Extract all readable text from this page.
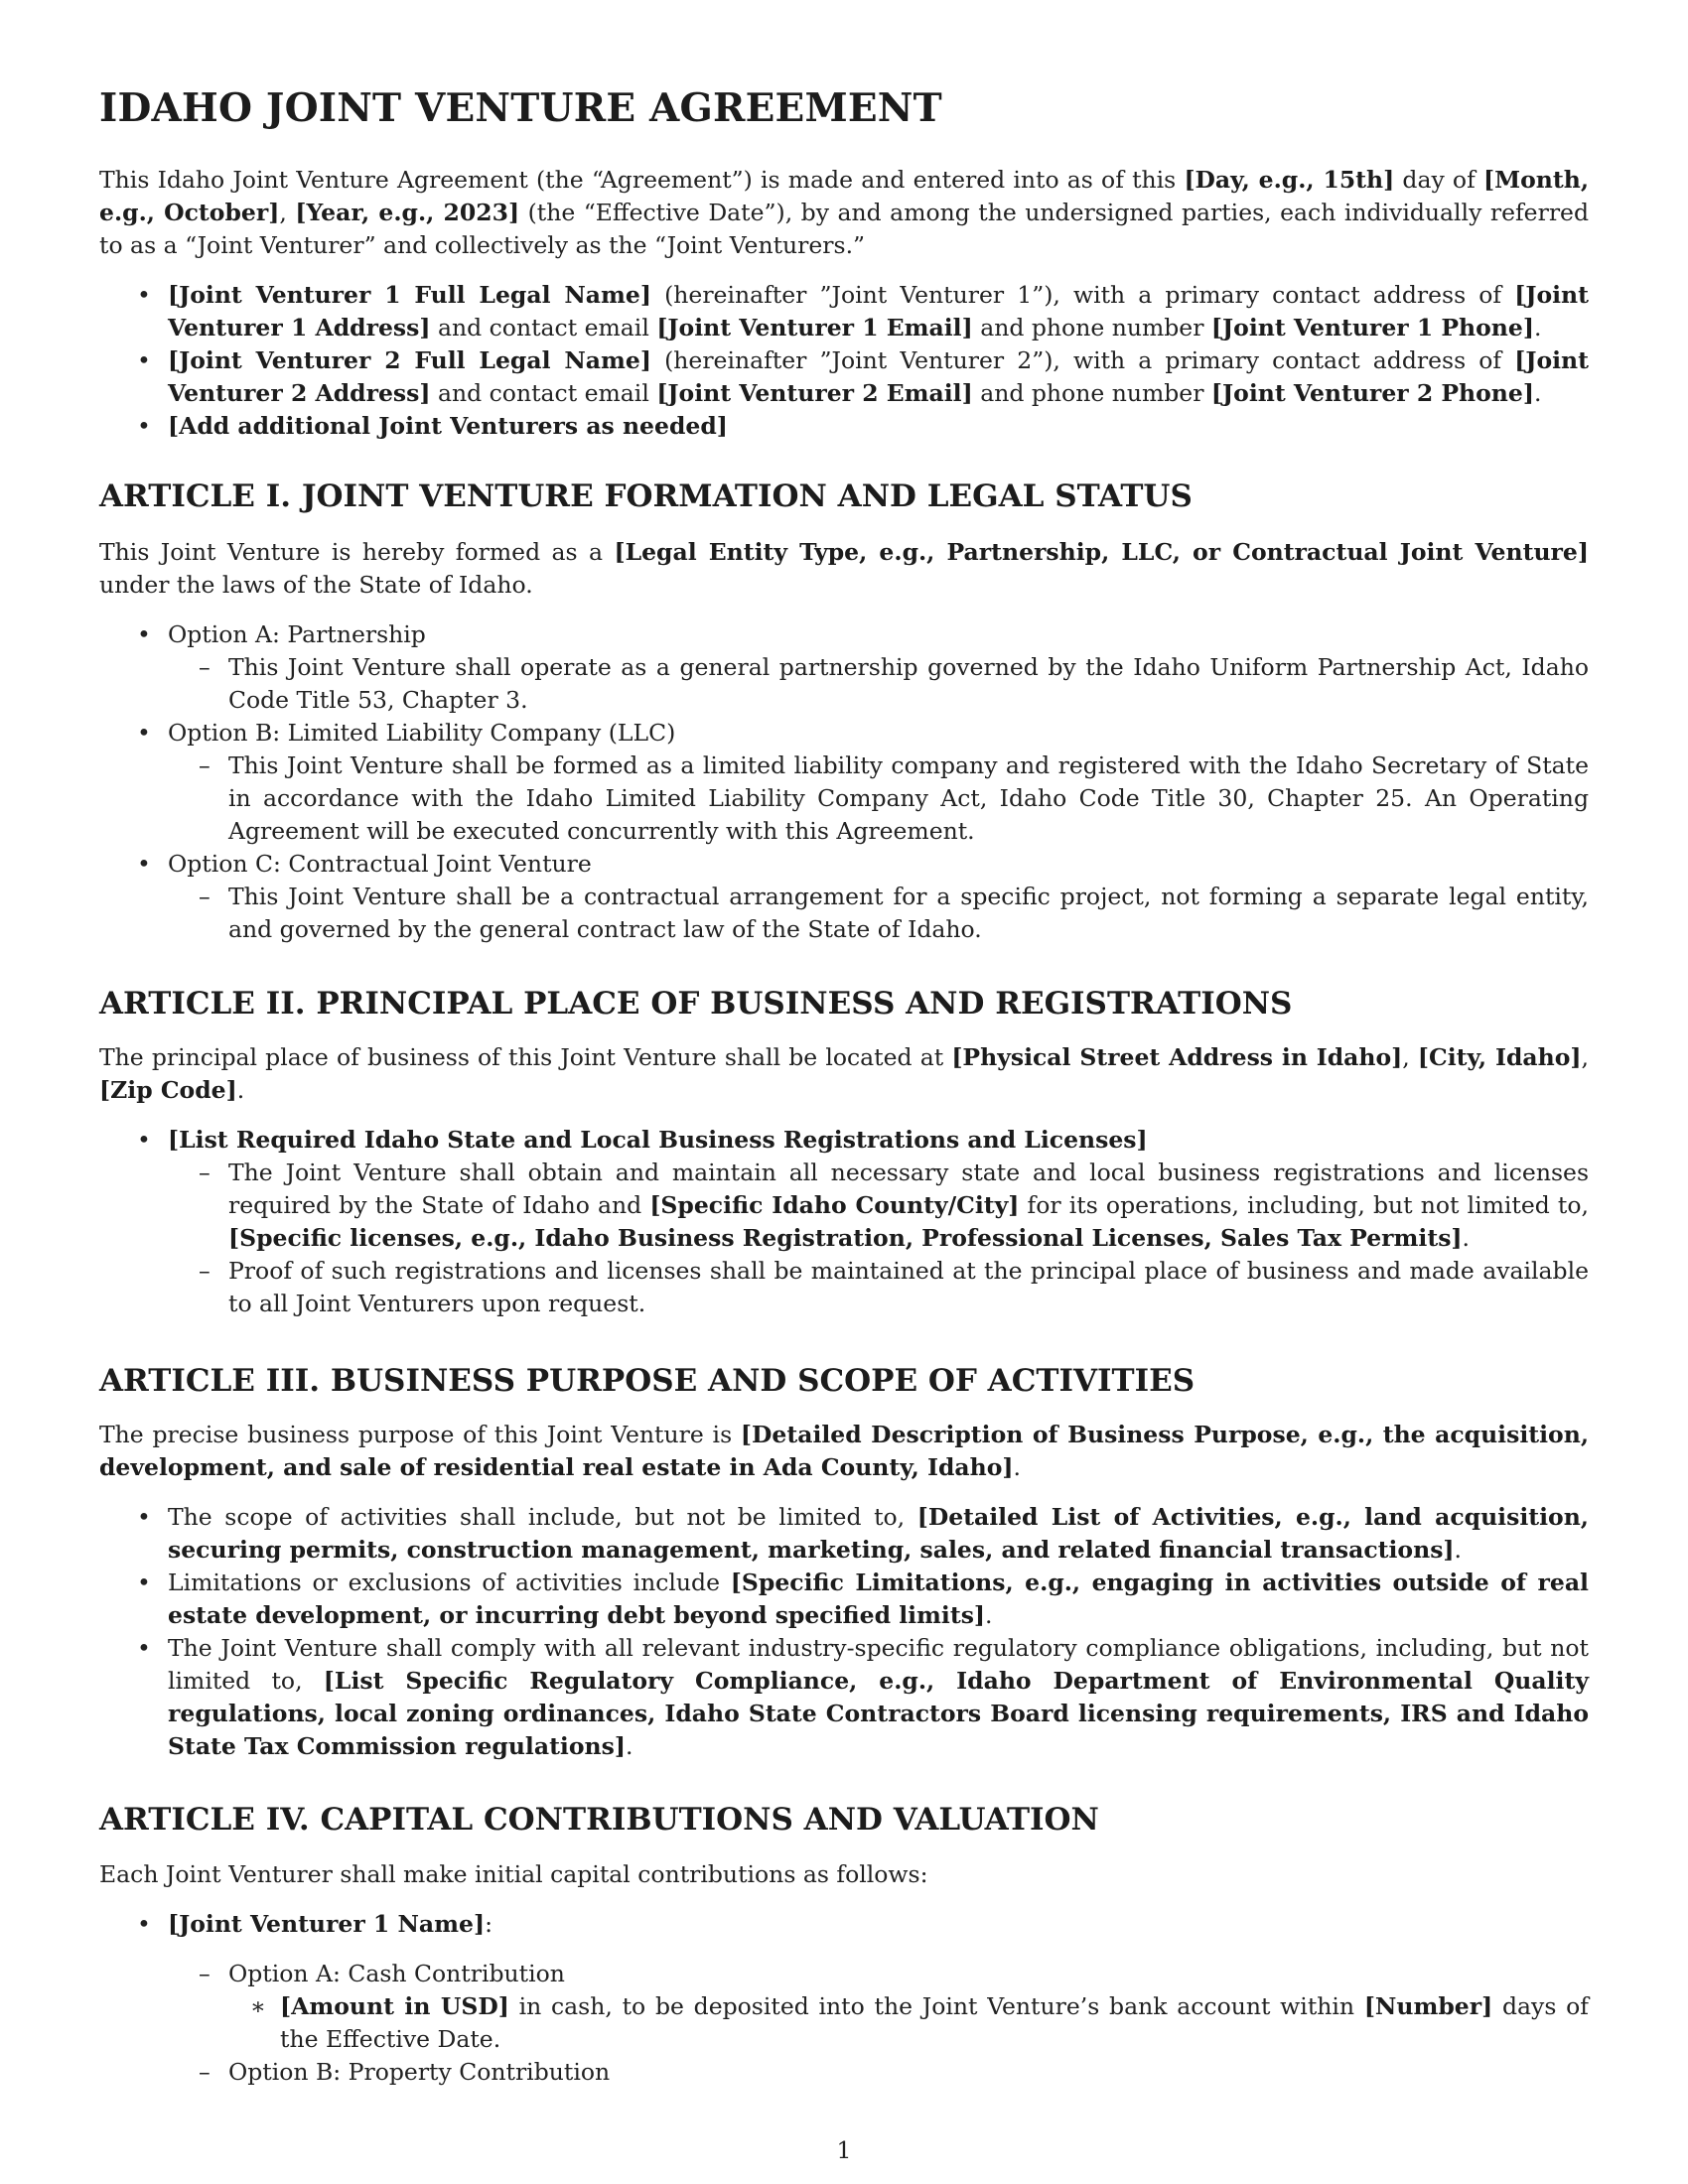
IDAHO JOINT VENTURE AGREEMENT

This Idaho Joint Venture Agreement (the “Agreement”) is made and entered into as of this [Day, e.g., 15th] day of [Month, e.g., October], [Year, e.g., 2023] (the “Effective Date”), by and among the undersigned parties, each individually referred to as a “Joint Venturer” and collectively as the “Joint Venturers.”

• [Joint Venturer 1 Full Legal Name] (hereinafter ”Joint Venturer 1”), with a primary contact address of [Joint Venturer 1 Address] and contact email [Joint Venturer 1 Email] and phone number [Joint Venturer 1 Phone].
• [Joint Venturer 2 Full Legal Name] (hereinafter ”Joint Venturer 2”), with a primary contact address of [Joint Venturer 2 Address] and contact email [Joint Venturer 2 Email] and phone number [Joint Venturer 2 Phone].
• [Add additional Joint Venturers as needed]
ARTICLE I. JOINT VENTURE FORMATION AND LEGAL STATUS

This Joint Venture is hereby formed as a [Legal Entity Type, e.g., Partnership, LLC, or Contractual Joint Venture] under the laws of the State of Idaho.

• Option A: Partnership
– This Joint Venture shall operate as a general partnership governed by the Idaho Uniform Partnership Act, Idaho Code Title 53, Chapter 3.
• Option B: Limited Liability Company (LLC)
– This Joint Venture shall be formed as a limited liability company and registered with the Idaho Secretary of State in accordance with the Idaho Limited Liability Company Act, Idaho Code Title 30, Chapter 25. An Operating Agreement will be executed concurrently with this Agreement.
• Option C: Contractual Joint Venture
– This Joint Venture shall be a contractual arrangement for a specific project, not forming a separate legal entity, and governed by the general contract law of the State of Idaho.
ARTICLE II. PRINCIPAL PLACE OF BUSINESS AND REGISTRATIONS

The principal place of business of this Joint Venture shall be located at [Physical Street Address in Idaho], [City, Idaho], [Zip Code].

• [List Required Idaho State and Local Business Registrations and Licenses]
– The Joint Venture shall obtain and maintain all necessary state and local business registrations and licenses required by the State of Idaho and [Specific Idaho County/City] for its operations, including, but not limited to, [Specific licenses, e.g., Idaho Business Registration, Professional Licenses, Sales Tax Permits].
– Proof of such registrations and licenses shall be maintained at the principal place of business and made available to all Joint Venturers upon request.
ARTICLE III. BUSINESS PURPOSE AND SCOPE OF ACTIVITIES

The precise business purpose of this Joint Venture is [Detailed Description of Business Purpose, e.g., the acquisition, development, and sale of residential real estate in Ada County, Idaho].

• The scope of activities shall include, but not be limited to, [Detailed List of Activities, e.g., land acquisition, securing permits, construction management, marketing, sales, and related financial transactions].
• Limitations or exclusions of activities include [Specific Limitations, e.g., engaging in activities outside of real estate development, or incurring debt beyond specified limits].
• The Joint Venture shall comply with all relevant industry-specific regulatory compliance obligations, including, but not limited to, [List Specific Regulatory Compliance, e.g., Idaho Department of Environmental Quality regulations, local zoning ordinances, Idaho State Contractors Board licensing requirements, IRS and Idaho State Tax Commission regulations].
ARTICLE IV. CAPITAL CONTRIBUTIONS AND VALUATION

Each Joint Venturer shall make initial capital contributions as follows:

• [Joint Venturer 1 Name]:
– Option A: Cash Contribution
∗ [Amount in USD] in cash, to be deposited into the Joint Venture’s bank account within [Number] days of the Effective Date.
– Option B: Property Contribution
1
